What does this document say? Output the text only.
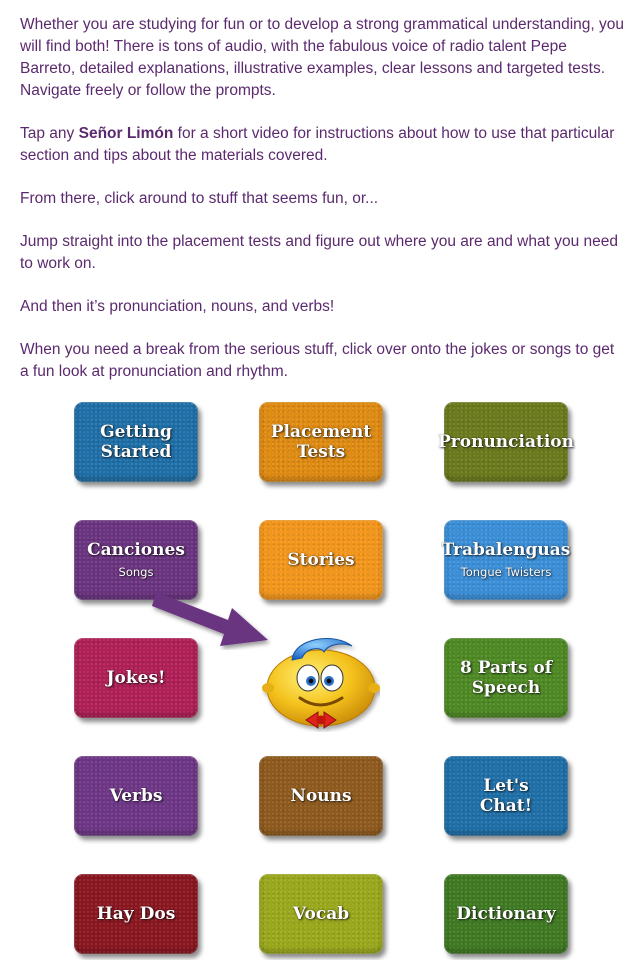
Whether you are studying for fun or to develop a strong grammatical understanding, you will find both! There is tons of audio, with the fabulous voice of radio talent Pepe Barreto, detailed explanations, illustrative examples, clear lessons and targeted tests. Navigate freely or follow the prompts.

Tap any Señor Limón for a short video for instructions about how to use that particular section and tips about the materials covered.

From there, click around to stuff that seems fun, or...

Jump straight into the placement tests and figure out where you are and what you need to work on.

And then it’s pronunciation, nouns, and verbs!

When you need a break from the serious stuff, click over onto the jokes or songs to get a fun look at pronunciation and rhythm.

Getting
Started
Placement
Tests	Pronunciation
Canciones
Songs
Stories	Trabalenguas
Tongue Twisters
Jokes!	8 Parts of
Speech
Verbs	Nouns	Let's
Chat!
Hay Dos	Vocab	Dictionary
